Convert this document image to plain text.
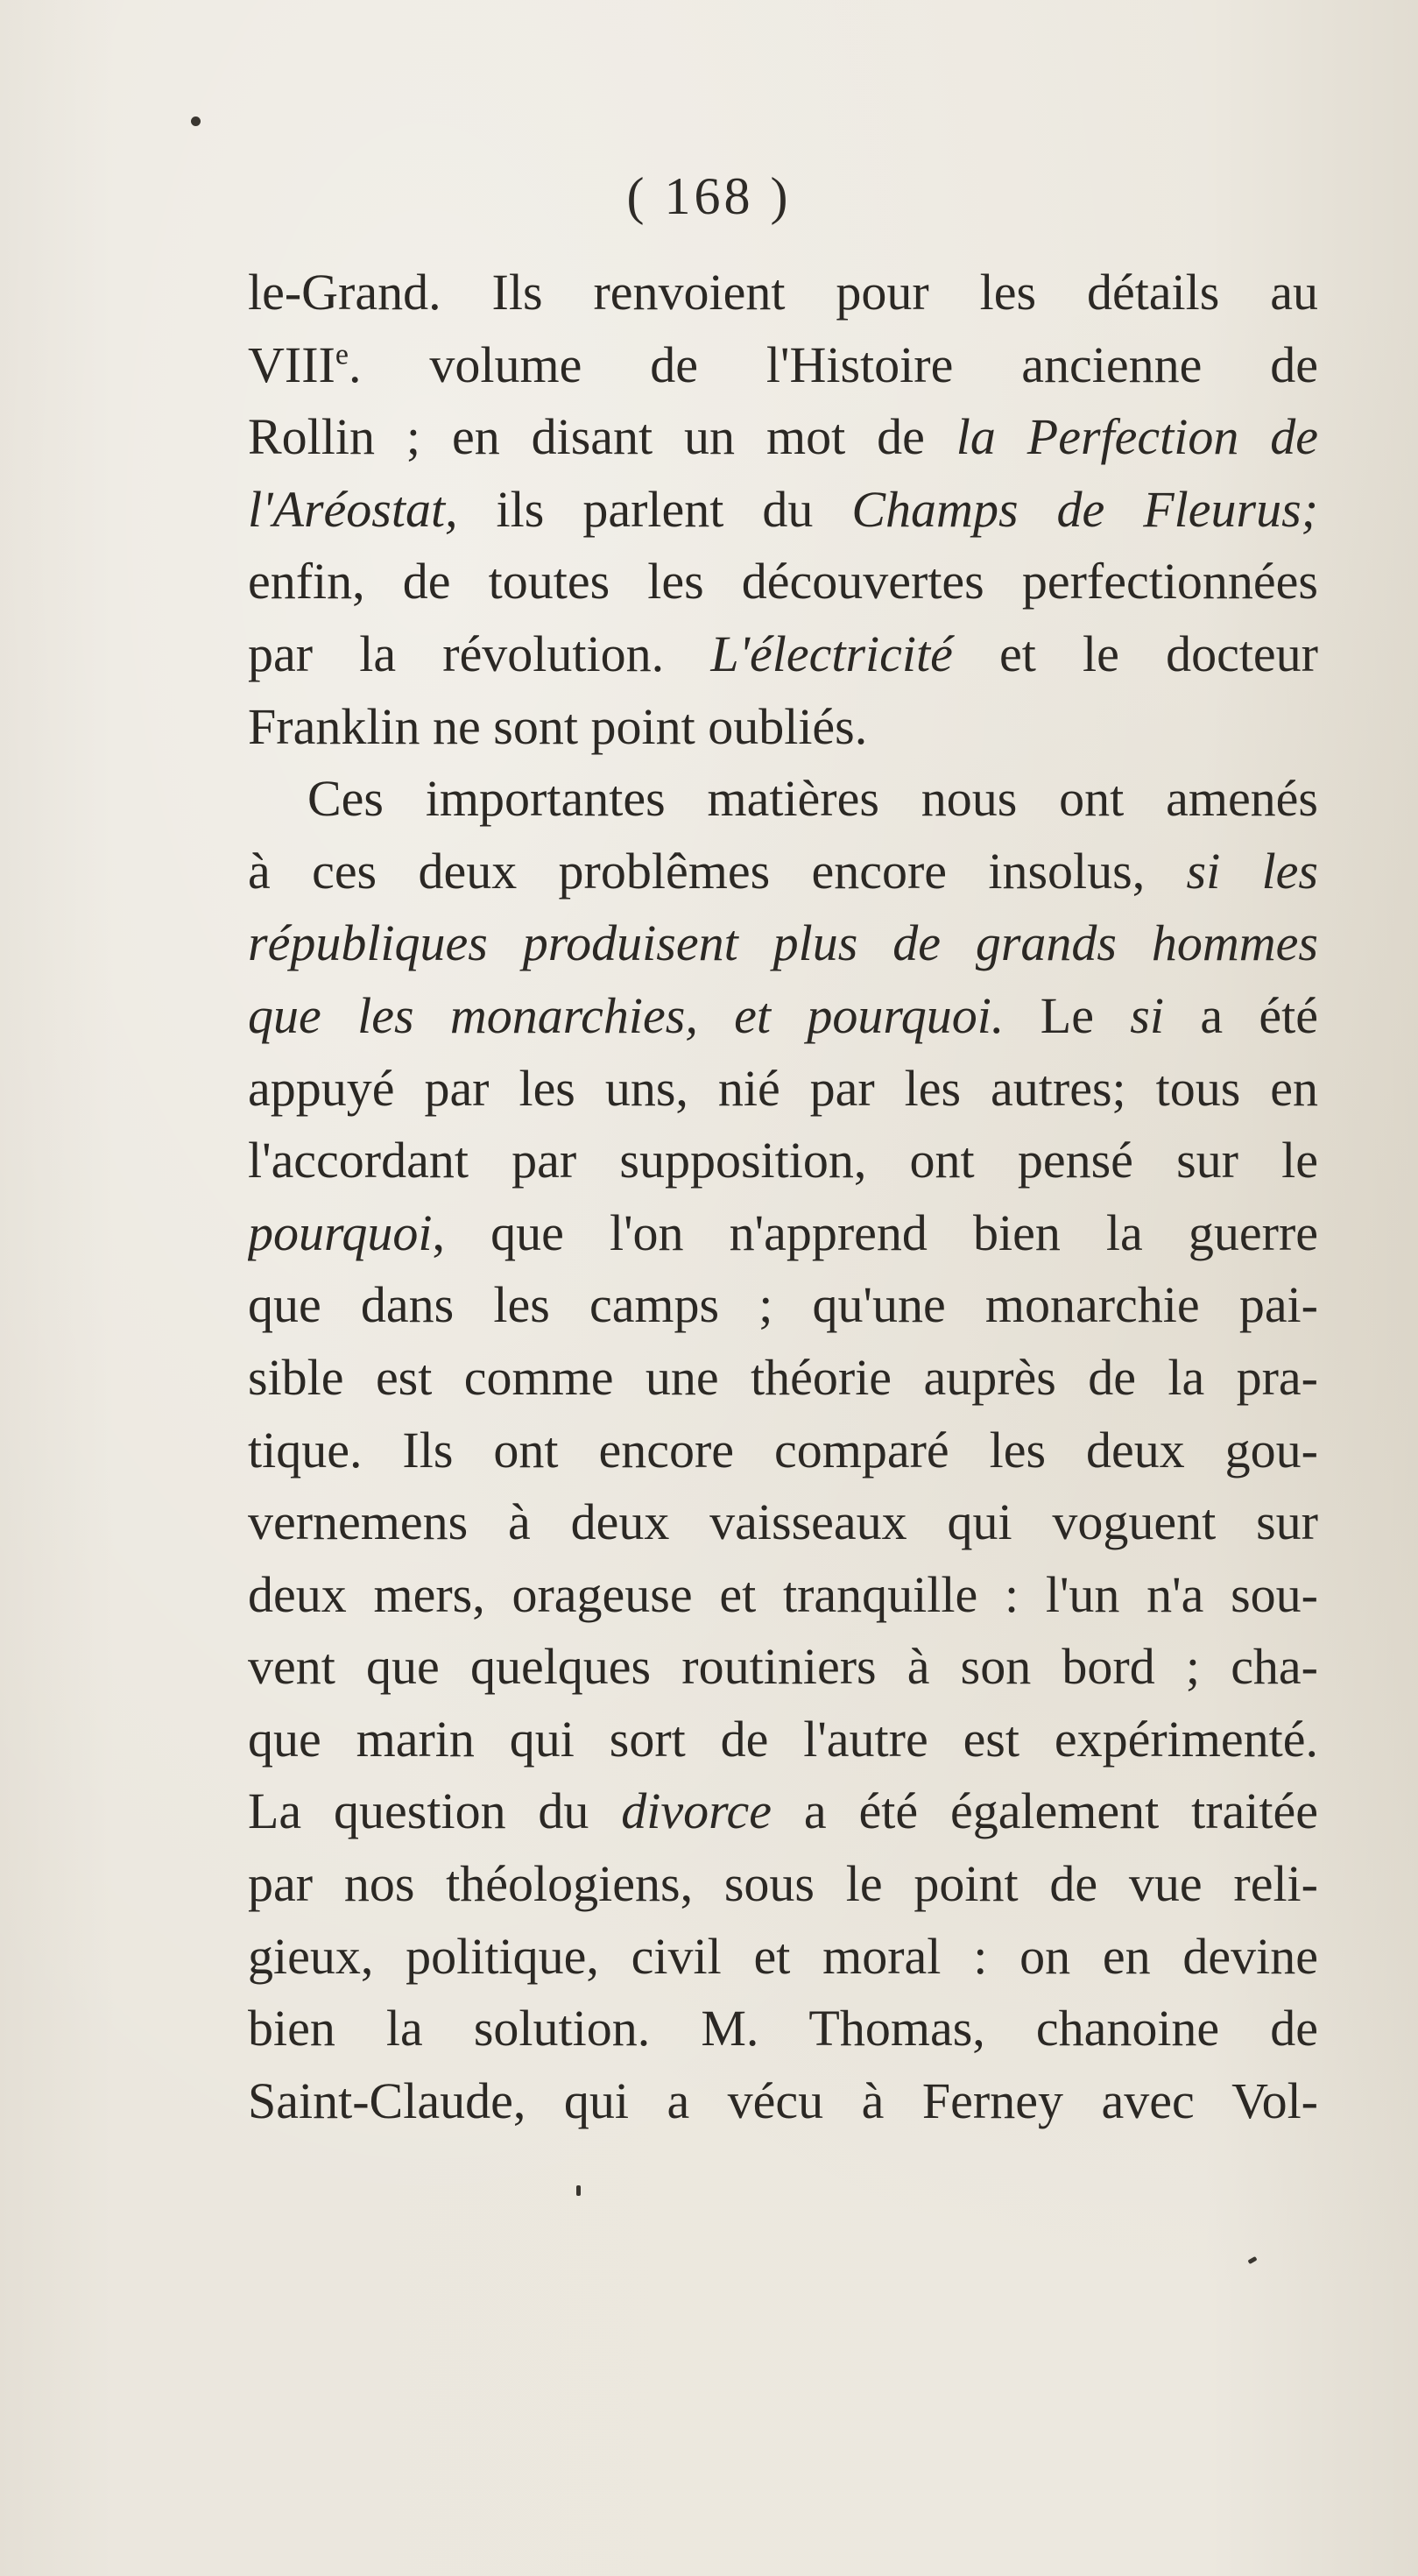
( 168 )
le-Grand. Ils renvoient pour les détails au
VIIIe. volume de l'Histoire ancienne de
Rollin ; en disant un mot de la Perfection de
l'Aréostat, ils parlent du Champs de Fleurus;
enfin, de toutes les découvertes perfectionnées
par la révolution. L'électricité et le docteur
Franklin ne sont point oubliés.
Ces importantes matières nous ont amenés
à ces deux problêmes encore insolus, si les
républiques produisent plus de grands hommes
que les monarchies, et pourquoi. Le si a été
appuyé par les uns, nié par les autres; tous en
l'accordant par supposition, ont pensé sur le
pourquoi, que l'on n'apprend bien la guerre
que dans les camps ; qu'une monarchie pai-
sible est comme une théorie auprès de la pra-
tique. Ils ont encore comparé les deux gou-
vernemens à deux vaisseaux qui voguent sur
deux mers, orageuse et tranquille : l'un n'a sou-
vent que quelques routiniers à son bord ; cha-
que marin qui sort de l'autre est expérimenté.
La question du divorce a été également traitée
par nos théologiens, sous le point de vue reli-
gieux, politique, civil et moral : on en devine
bien la solution. M. Thomas, chanoine de
Saint-Claude, qui a vécu à Ferney avec Vol-
